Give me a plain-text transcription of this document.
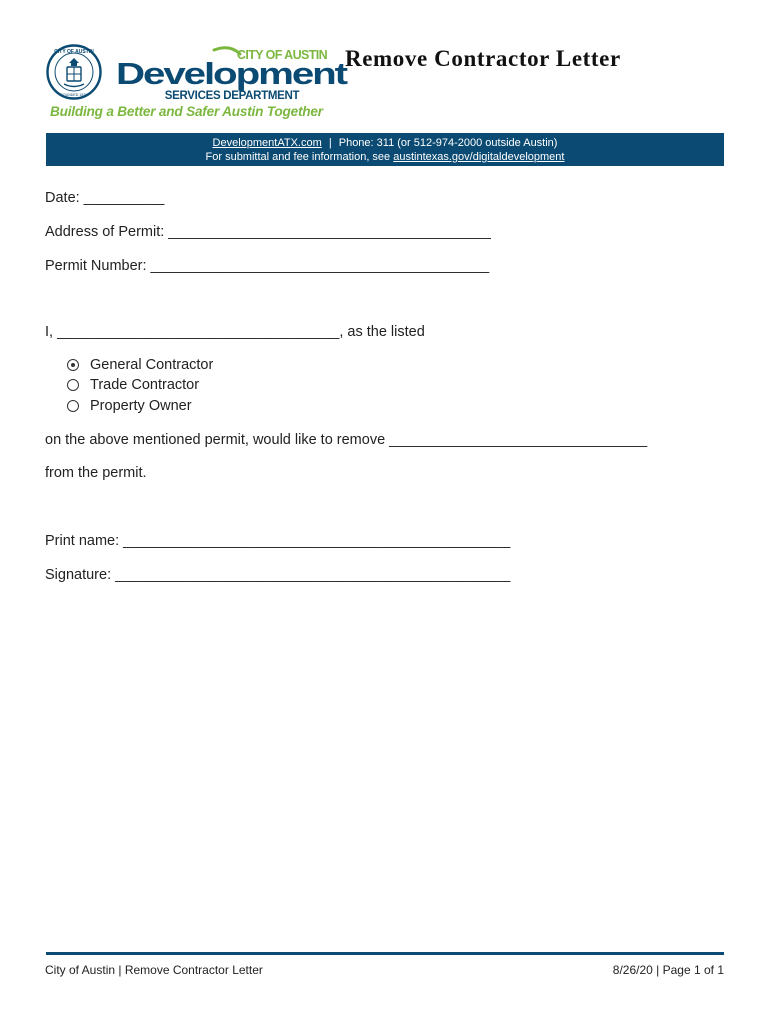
CITY OF AUSTIN
FOUNDED 1839
CITY OF AUSTIN
Development
SERVICES DEPARTMENT
Building a Better and Safer Austin Together
Remove Contractor Letter
DevelopmentATX.com | Phone: 311 (or 512-974-2000 outside Austin)
For submittal and fee information, see austintexas.gov/digitaldevelopment
Date: __________
Address of Permit: ________________________________________
Permit Number: __________________________________________
I, ___________________________________, as the listed
General Contractor
Trade Contractor
Property Owner
on the above mentioned permit, would like to remove ________________________________
from the permit.
Print name: ________________________________________________
Signature: _________________________________________________
City of Austin | Remove Contractor Letter	8/26/20 | Page 1 of 1
